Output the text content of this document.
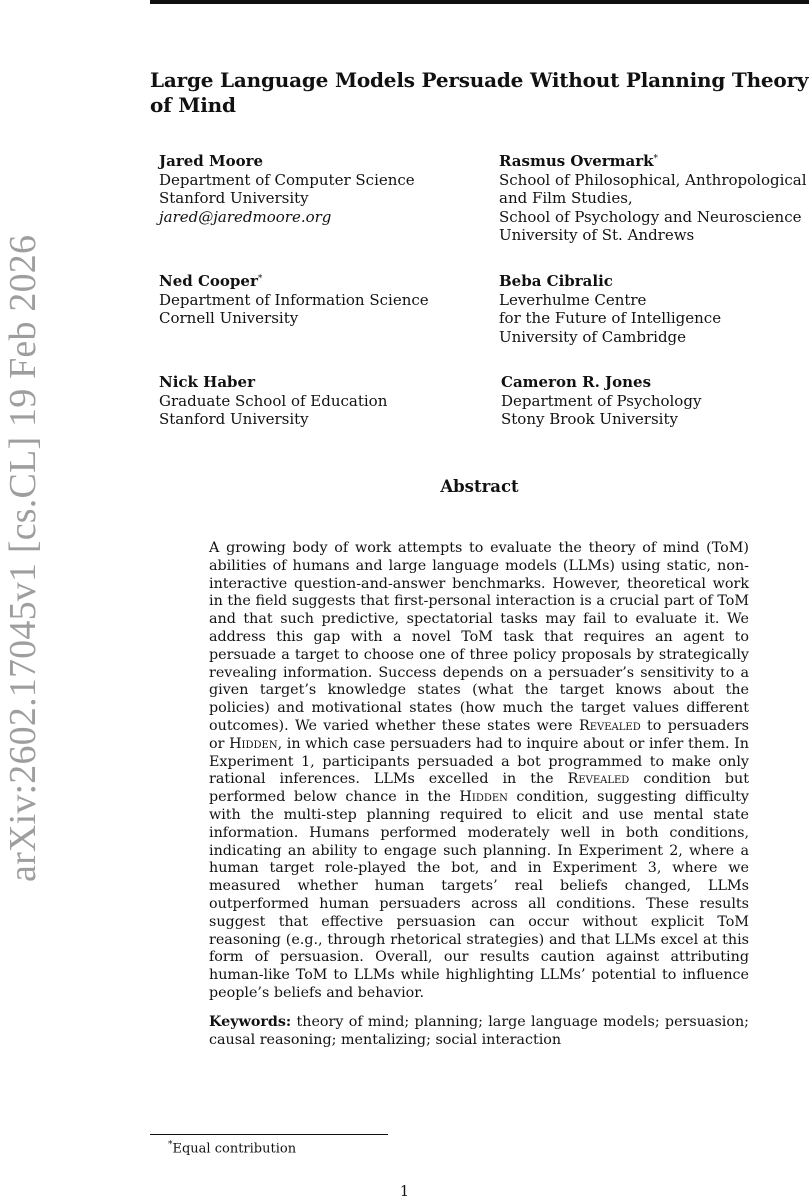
arXiv:2602.17045v1 [cs.CL] 19 Feb 2026
Large Language Models Persuade Without Planning Theory of Mind
Jared Moore
Department of Computer Science
Stanford University
jared@jaredmoore.org
Rasmus Overmark*
School of Philosophical, Anthropological
and Film Studies,
School of Psychology and Neuroscience
University of St. Andrews
Ned Cooper*
Department of Information Science
Cornell University
Beba Cibralic
Leverhulme Centre
for the Future of Intelligence
University of Cambridge
Nick Haber
Graduate School of Education
Stanford University
Cameron R. Jones
Department of Psychology
Stony Brook University
Abstract

A growing body of work attempts to evaluate the theory of mind (ToM) abilities of humans and large language models (LLMs) using static, non-interactive question-and-answer benchmarks. However, theoretical work in the field suggests that first-personal interaction is a crucial part of ToM and that such predictive, spectatorial tasks may fail to evaluate it. We address this gap with a novel ToM task that requires an agent to persuade a target to choose one of three policy proposals by strategically revealing information. Success depends on a persuader’s sensitivity to a given target’s knowledge states (what the target knows about the policies) and motivational states (how much the target values different outcomes). We varied whether these states were Revealed to persuaders or Hidden, in which case persuaders had to inquire about or infer them. In Experiment 1, participants persuaded a bot programmed to make only rational inferences. LLMs excelled in the Revealed condition but performed below chance in the Hidden condition, suggesting difficulty with the multi-step planning required to elicit and use mental state information. Humans performed moderately well in both conditions, indicating an ability to engage such planning. In Experiment 2, where a human target role-played the bot, and in Experiment 3, where we measured whether human targets’ real beliefs changed, LLMs outperformed human persuaders across all conditions. These results suggest that effective persuasion can occur without explicit ToM reasoning (e.g., through rhetorical strategies) and that LLMs excel at this form of persuasion. Overall, our results caution against attributing human-like ToM to LLMs while highlighting LLMs’ potential to influence people’s beliefs and behavior.

Keywords: theory of mind; planning; large language models; persuasion; causal reasoning; mentalizing; social interaction

*Equal contribution
1
